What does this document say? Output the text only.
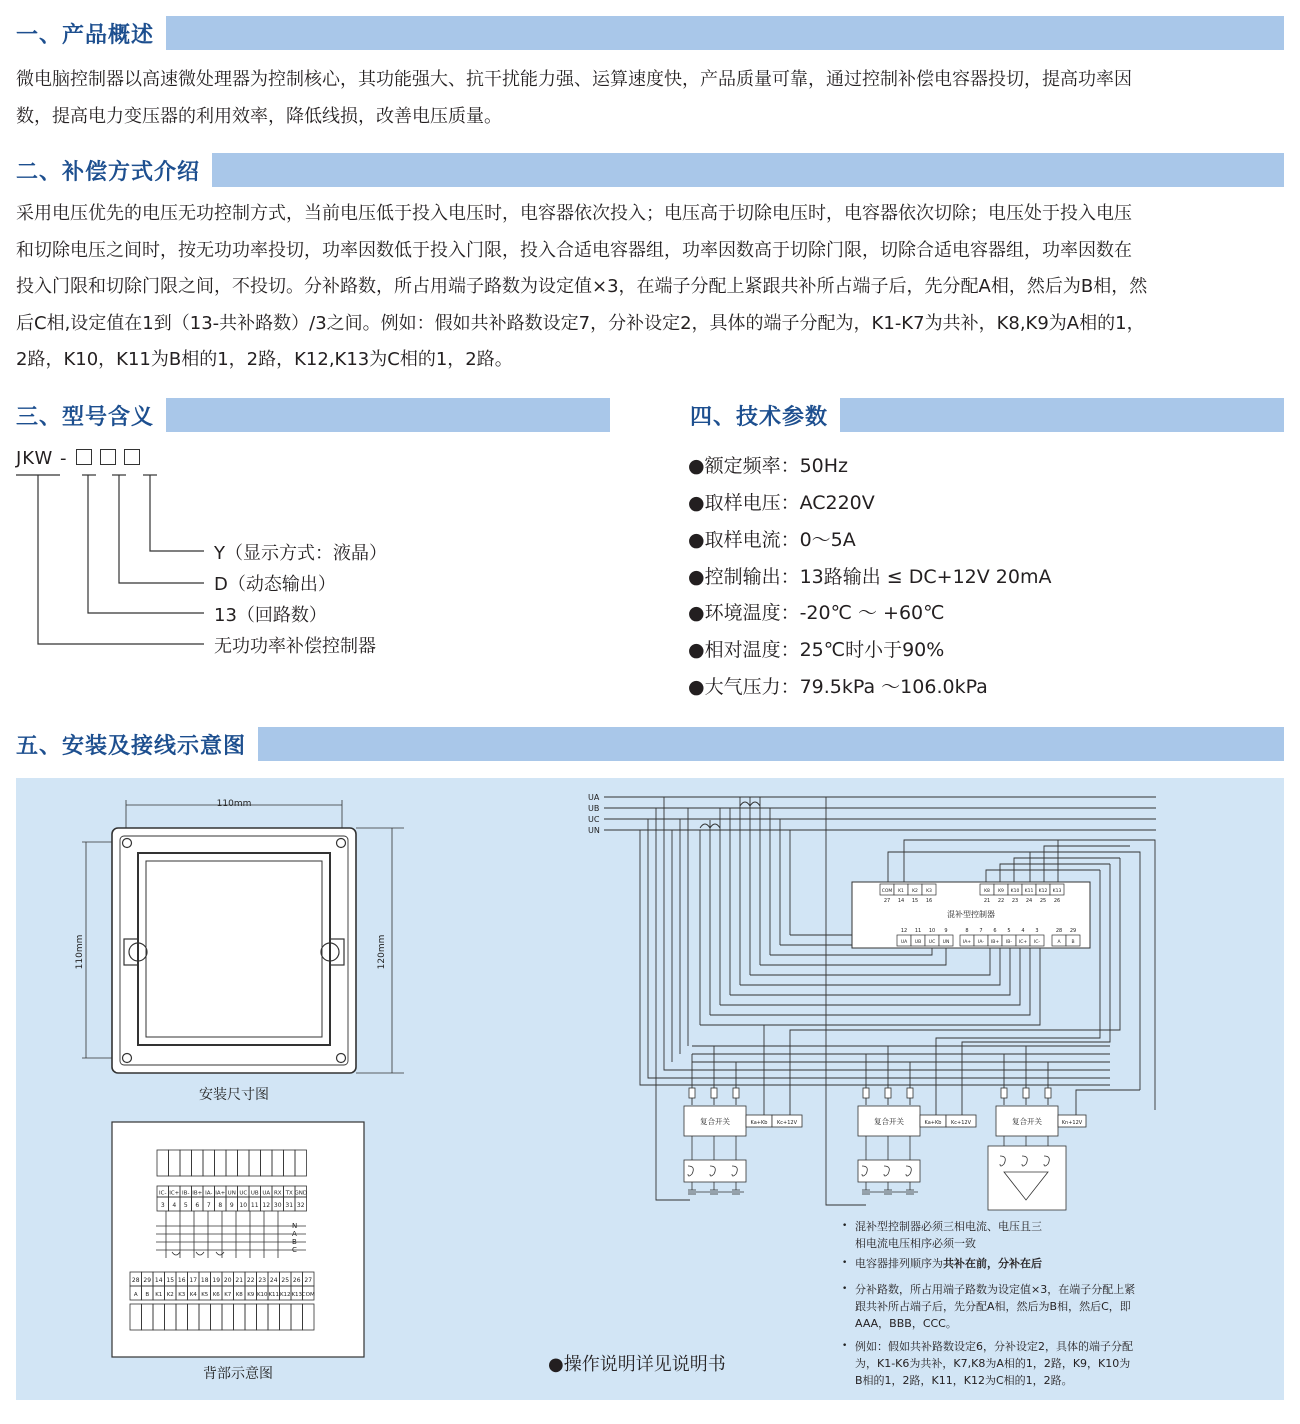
一、产品概述
微电脑控制器以高速微处理器为控制核心，其功能强大、抗干扰能力强、运算速度快，产品质量可靠，通过控制补偿电容器投切，提高功率因
数，提高电力变压器的利用效率，降低线损，改善电压质量。
二、补偿方式介绍
采用电压优先的电压无功控制方式，当前电压低于投入电压时，电容器依次投入；电压高于切除电压时，电容器依次切除；电压处于投入电压
和切除电压之间时，按无功功率投切，功率因数低于投入门限，投入合适电容器组，功率因数高于切除门限，切除合适电容器组，功率因数在
投入门限和切除门限之间，不投切。分补路数，所占用端子路数为设定值×3，在端子分配上紧跟共补所占端子后，先分配A相，然后为B相，然
后C相,设定值在1到（13-共补路数）/3之间。例如：假如共补路数设定7，分补设定2，具体的端子分配为，K1-K7为共补，K8,K9为A相的1，
2路，K10，K11为B相的1，2路，K12,K13为C相的1，2路。
三、型号含义
JKW -
Y（显示方式：液晶）
D（动态输出）
13（回路数）
无功功率补偿控制器
四、技术参数
●额定频率：50Hz
●取样电压：AC220V
●取样电流：0～5A
●控制输出：13路输出 ≤ DC+12V 20mA
●环境温度：-20℃ ～ +60℃
●相对温度：25℃时小于90%
●大气压力：79.5kPa ～106.0kPa
五、安装及接线示意图
110mm
110mm	120mm
安装尺寸图
IC- IC+ IB- IB+ IA- IA+ UN UC UB UA RX TX GND
3 4 5 6 7 8 9 10 11 12 30 31 32
28 29 14 15 16 17 18 19 20 21 22 23 24 25 26 27
A B K1 K2 K3 K4 K5 K6 K7 K8 K9 K10 K11 K12 K13 COM
N
A
B
C
背部示意图
UA
UB
UC
UN
COM
27
K1
14
K2
15
K3
16
K8
21
K9
22
K10
23
K11
24
K12
25
K13
26
UA
12
UB
11
UC
10
UN
9
IA+
8
IA-
7
IB+
6
IB-
5
IC+
4
IC-
3
A
28
B
29
混补型控制器
复合开关	Ka+Kb Kc+12V	复合开关	Ka+Kb Kc+12V	复合开关	Kn+12V
•
•
•
•
混补型控制器必须三相电流、电压且三
相电流电压相序必须一致
电容器排列顺序为共补在前，分补在后
分补路数，所占用端子路数为设定值×3，在端子分配上紧
跟共补所占端子后，先分配A相，然后为B相，然后C，即
AAA，BBB，CCC。
例如：假如共补路数设定6，分补设定2，具体的端子分配
为，K1-K6为共补，K7,K8为A相的1，2路，K9，K10为
B相的1，2路，K11，K12为C相的1，2路。
●操作说明详见说明书
